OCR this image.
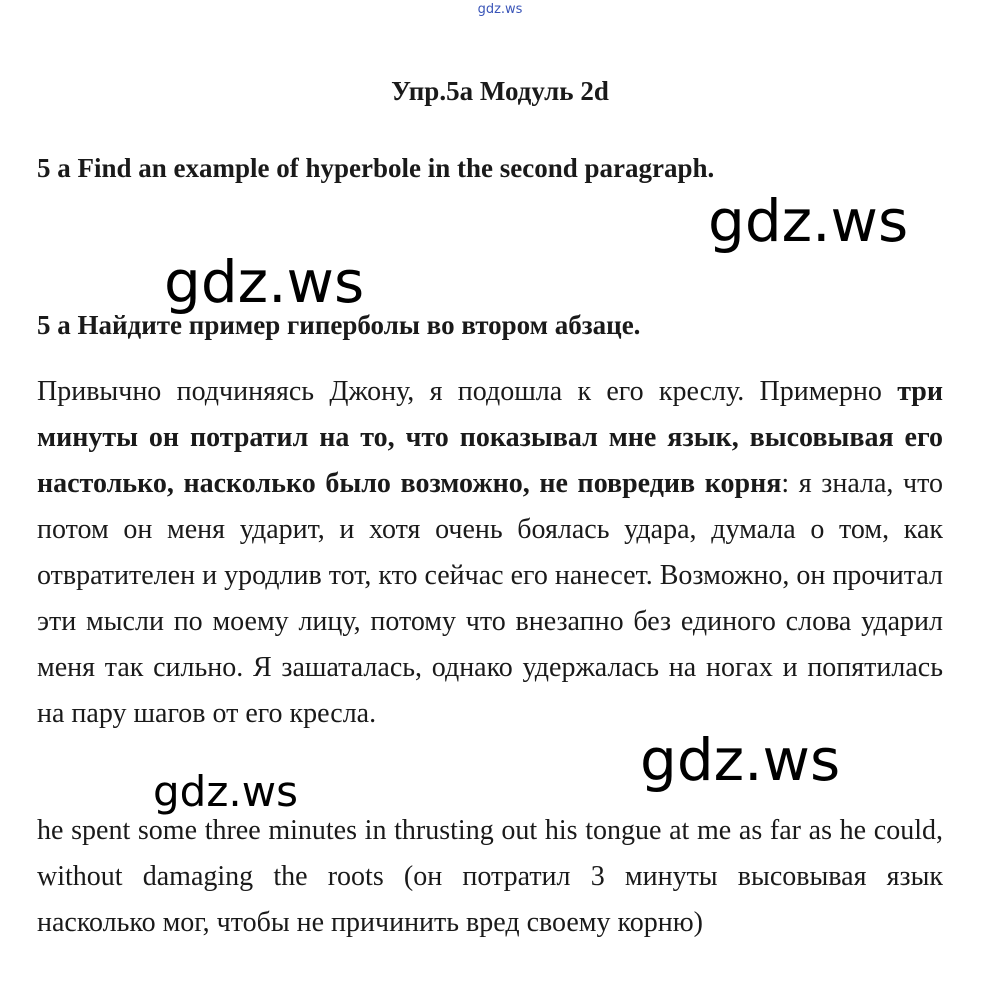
gdz.ws
Упр.5a Модуль 2d
5 a Find an example of hyperbole in the second paragraph.
5 a Найдите пример гиперболы во втором абзаце.
Привычно подчиняясь Джону, я подошла к его креслу. Примерно три минуты он потратил на то, что показывал мне язык, высовывая его настолько, насколько было возможно, не повредив корня: я знала, что потом он меня ударит, и хотя очень боялась удара, думала о том, как отвратителен и уродлив тот, кто сейчас его нанесет. Возможно, он прочитал эти мысли по моему лицу, потому что внезапно без единого слова ударил меня так сильно. Я зашаталась, однако удержалась на ногах и попятилась на пару шагов от его кресла.
he spent some three minutes in thrusting out his tongue at me as far as he could, without damaging the roots (он потратил 3 минуты высовывая язык насколько мог, чтобы не причинить вред своему корню)
gdz.ws
gdz.ws
gdz.ws
gdz.ws
